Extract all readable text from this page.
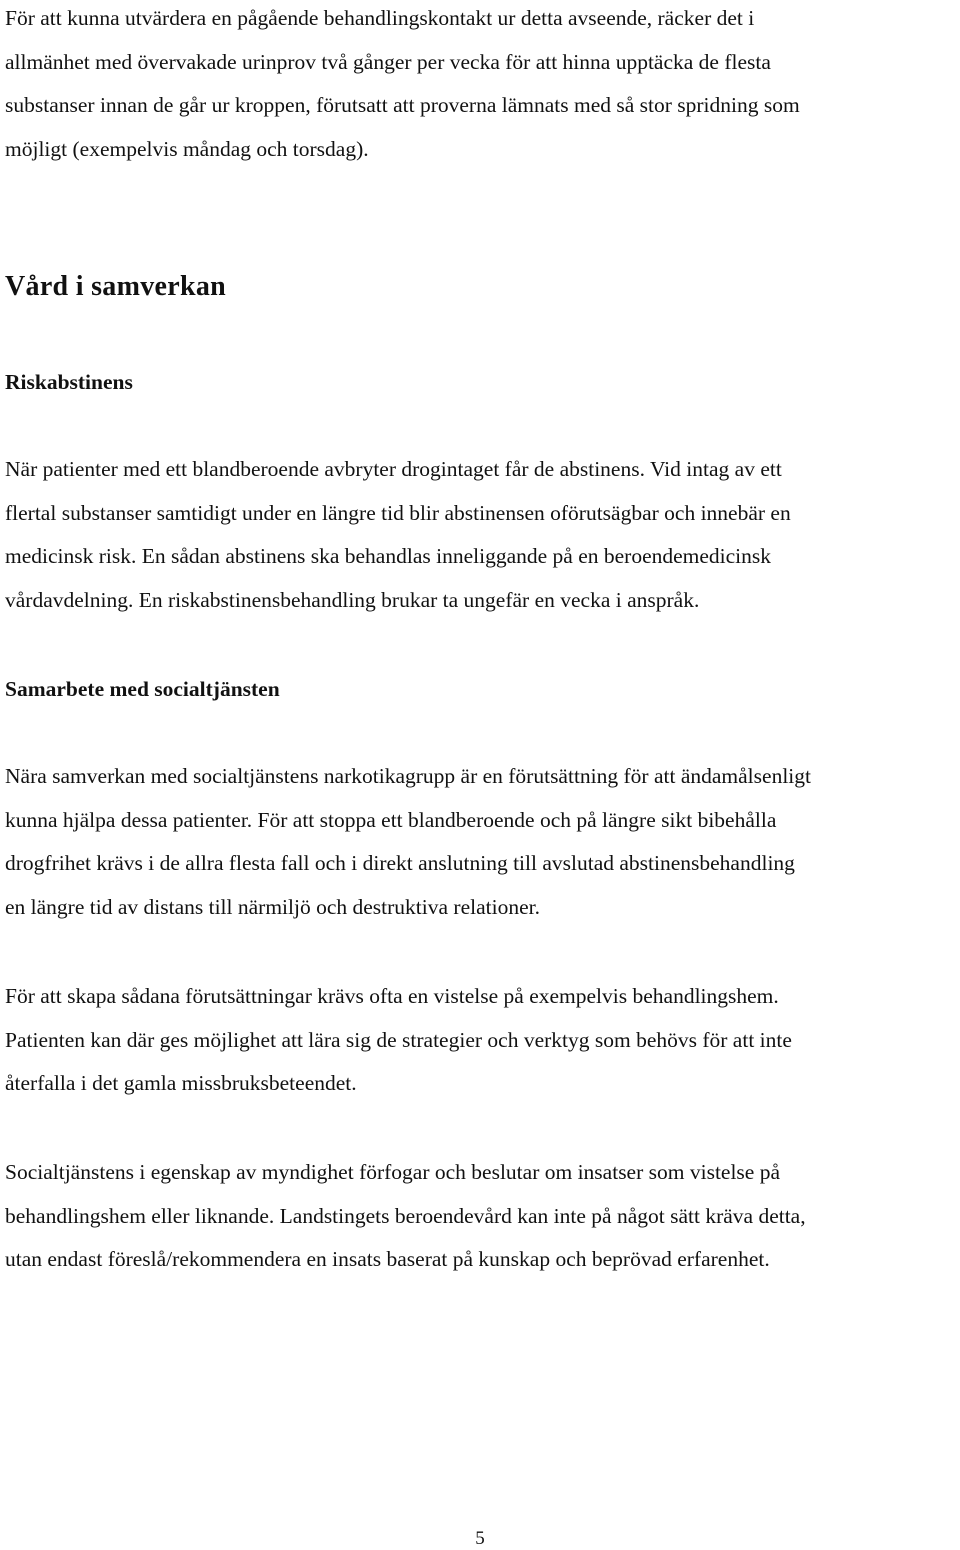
För att kunna utvärdera en pågående behandlingskontakt ur detta avseende, räcker det i
allmänhet med övervakade urinprov två gånger per vecka för att hinna upptäcka de flesta
substanser innan de går ur kroppen, förutsatt att proverna lämnats med så stor spridning som
möjligt (exempelvis måndag och torsdag).

Vård i samverkan
Riskabstinens

När patienter med ett blandberoende avbryter drogintaget får de abstinens. Vid intag av ett
flertal substanser samtidigt under en längre tid blir abstinensen oförutsägbar och innebär en
medicinsk risk. En sådan abstinens ska behandlas inneliggande på en beroendemedicinsk
vårdavdelning. En riskabstinensbehandling brukar ta ungefär en vecka i anspråk.

Samarbete med socialtjänsten

Nära samverkan med socialtjänstens narkotikagrupp är en förutsättning för att ändamålsenligt
kunna hjälpa dessa patienter. För att stoppa ett blandberoende och på längre sikt bibehålla
drogfrihet krävs i de allra flesta fall och i direkt anslutning till avslutad abstinensbehandling
en längre tid av distans till närmiljö och destruktiva relationer.

För att skapa sådana förutsättningar krävs ofta en vistelse på exempelvis behandlingshem.
Patienten kan där ges möjlighet att lära sig de strategier och verktyg som behövs för att inte
återfalla i det gamla missbruksbeteendet.

Socialtjänstens i egenskap av myndighet förfogar och beslutar om insatser som vistelse på
behandlingshem eller liknande. Landstingets beroendevård kan inte på något sätt kräva detta,
utan endast föreslå/rekommendera en insats baserat på kunskap och beprövad erfarenhet.

5
